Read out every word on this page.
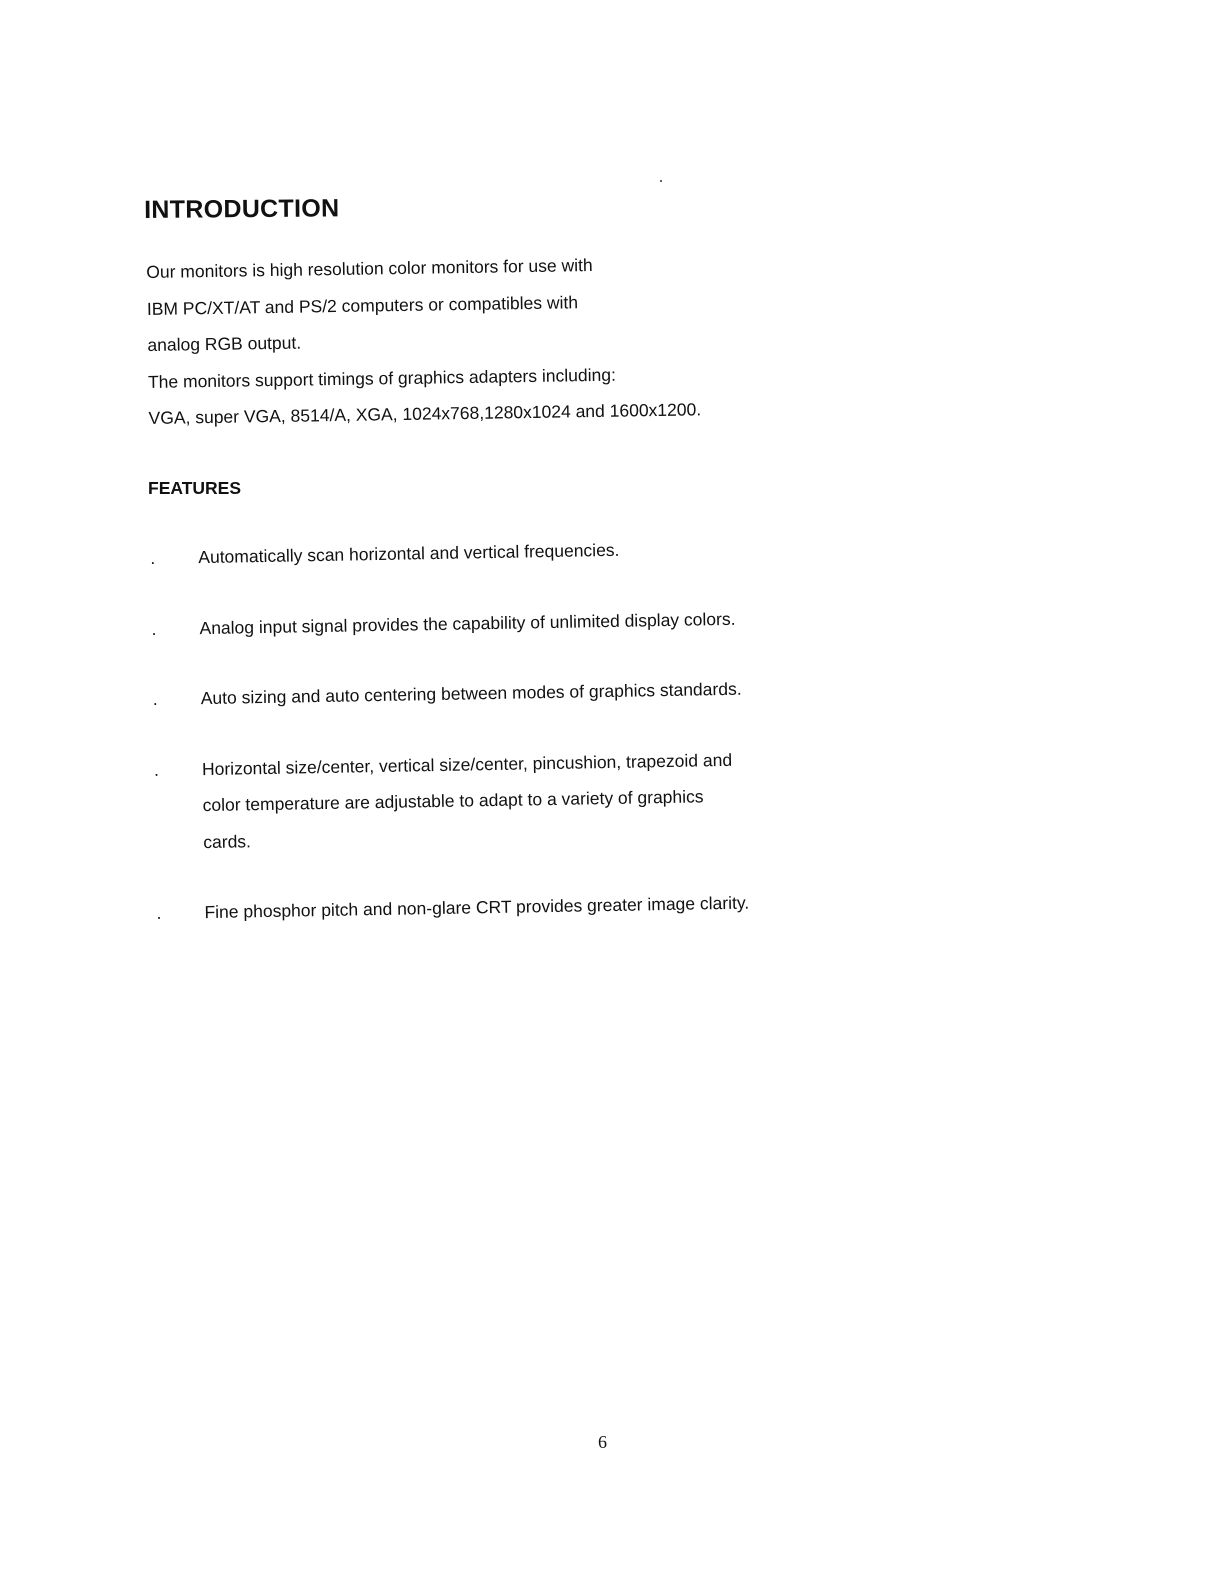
INTRODUCTION
Our monitors is high resolution color monitors for use with
IBM PC/XT/AT and PS/2 computers or compatibles with
analog RGB output.
The monitors support timings of graphics adapters including:
VGA, super VGA, 8514/A, XGA, 1024x768,1280x1024 and 1600x1200.
FEATURES
.	Automatically scan horizontal and vertical frequencies.
.	Analog input signal provides the capability of unlimited display colors.
.	Auto sizing and auto centering between modes of graphics standards.
.	Horizontal size/center, vertical size/center, pincushion, trapezoid and
color temperature are adjustable to adapt to a variety of graphics
cards.
.	Fine phosphor pitch and non-glare CRT provides greater image clarity.

6
